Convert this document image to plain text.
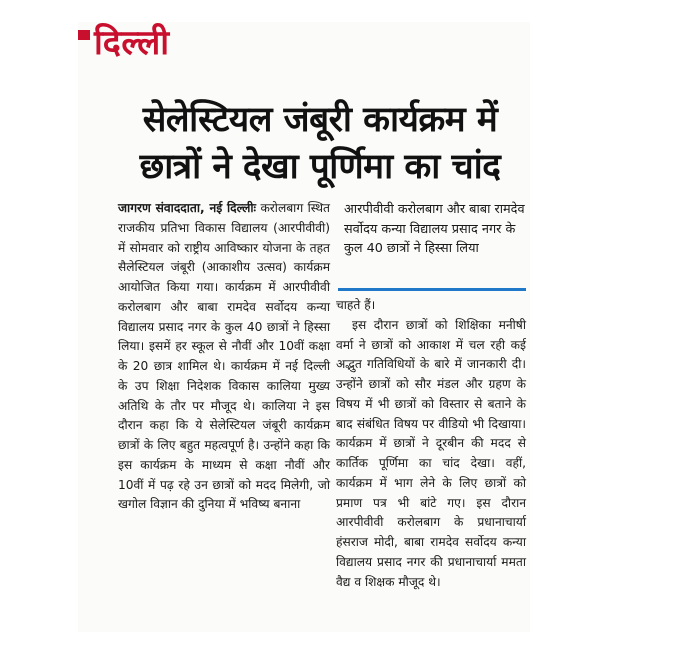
दिल्ली
सेलेस्टियल जंबूरी कार्यक्रम में
छात्रों ने देखा पूर्णिमा का चांद

जागरण संवाददाता, नई दिल्लीः करोलबाग स्थित राजकीय प्रतिभा विकास विद्यालय (आरपीवीवी) में सोमवार को राष्ट्रीय आविष्कार योजना के तहत सैलेस्टियल जंबूरी (आकाशीय उत्सव) कार्यक्रम आयोजित किया गया। कार्यक्रम में आरपीवीवी करोलबाग और बाबा रामदेव सर्वोदय कन्या विद्यालय प्रसाद नगर के कुल 40 छात्रों ने हिस्सा लिया। इसमें हर स्कूल से नौवीं और 10वीं कक्षा के 20 छात्र शामिल थे। कार्यक्रम में नई दिल्ली के उप शिक्षा निदेशक विकास कालिया मुख्य अतिथि के तौर पर मौजूद थे। कालिया ने इस दौरान कहा कि ये सेलेस्टियल जंबूरी कार्यक्रम छात्रों के लिए बहुत महत्वपूर्ण है। उन्होंने कहा कि इस कार्यक्रम के माध्यम से कक्षा नौवीं और 10वीं में पढ़ रहे उन छात्रों को मदद मिलेगी, जो खगोल विज्ञान की दुनिया में भविष्य बनाना

आरपीवीवी करोलबाग और बाबा रामदेव सर्वोदय कन्या विद्यालय प्रसाद नगर के कुल 40 छात्रों ने हिस्सा लिया

चाहते हैं।

इस दौरान छात्रों को शिक्षिका मनीषी वर्मा ने छात्रों को आकाश में चल रही कई अद्भुत गतिविधियों के बारे में जानकारी दी। उन्होंने छात्रों को सौर मंडल और ग्रहण के विषय में भी छात्रों को विस्तार से बताने के बाद संबंधित विषय पर वीडियो भी दिखाया। कार्यक्रम में छात्रों ने दूरबीन की मदद से कार्तिक पूर्णिमा का चांद देखा। वहीं, कार्यक्रम में भाग लेने के लिए छात्रों को प्रमाण पत्र भी बांटे गए। इस दौरान आरपीवीवी करोलबाग के प्रधानाचार्या हंसराज मोदी, बाबा रामदेव सर्वोदय कन्या विद्यालय प्रसाद नगर की प्रधानाचार्या ममता वैद्य व शिक्षक मौजूद थे।
